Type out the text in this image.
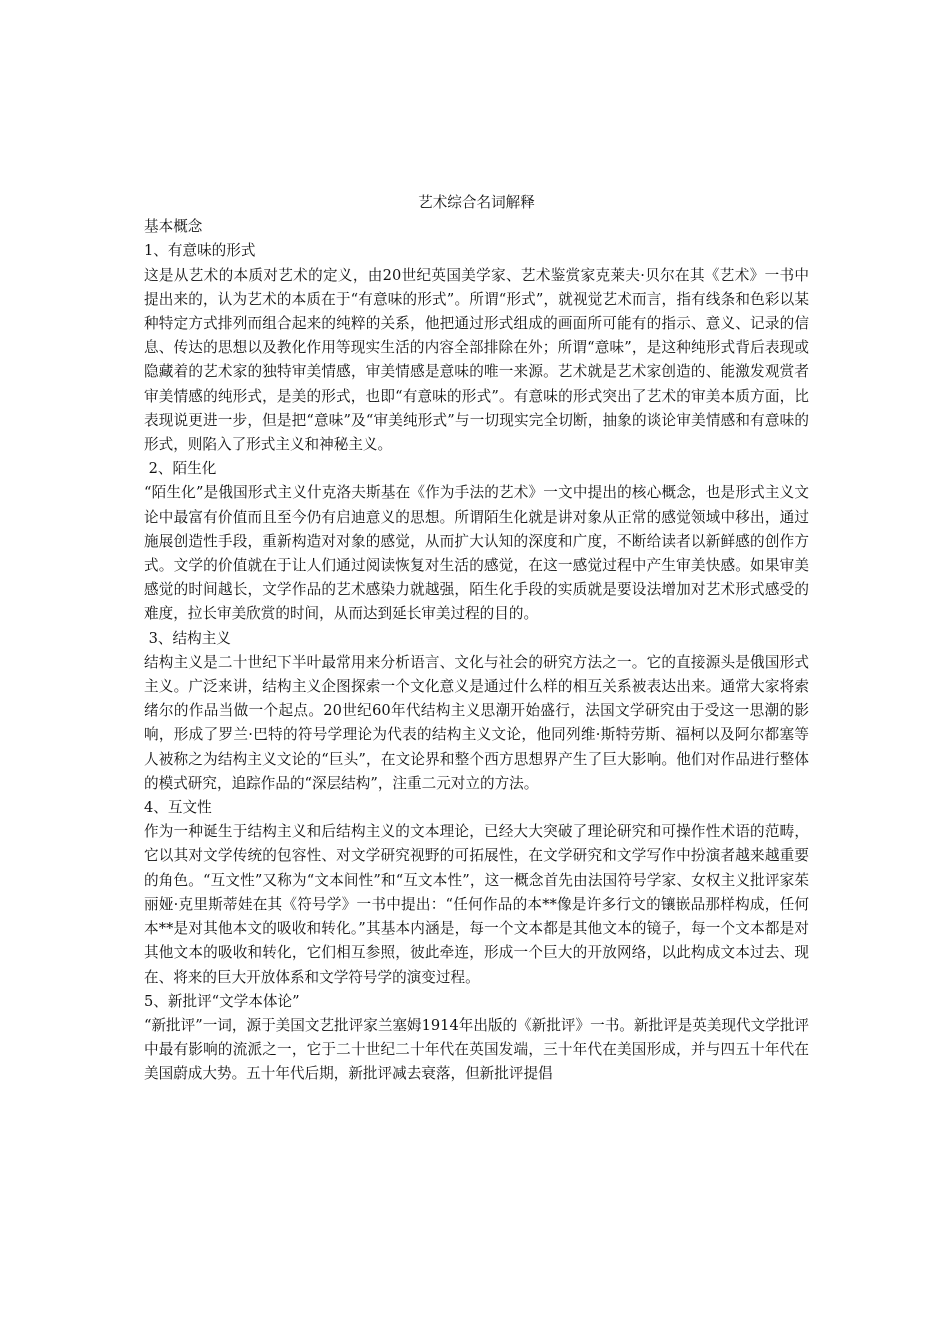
艺术综合名词解释

基本概念

1、有意味的形式

这是从艺术的本质对艺术的定义，由20世纪英国美学家、艺术鉴赏家克莱夫·贝尔在其《艺术》一书中提出来的，认为艺术的本质在于“有意味的形式”。所谓“形式”，就视觉艺术而言，指有线条和色彩以某种特定方式排列而组合起来的纯粹的关系，他把通过形式组成的画面所可能有的指示、意义、记录的信息、传达的思想以及教化作用等现实生活的内容全部排除在外；所谓“意味”，是这种纯形式背后表现或隐藏着的艺术家的独特审美情感，审美情感是意味的唯一来源。艺术就是艺术家创造的、能激发观赏者审美情感的纯形式，是美的形式，也即“有意味的形式”。有意味的形式突出了艺术的审美本质方面，比表现说更进一步，但是把“意味”及“审美纯形式”与一切现实完全切断，抽象的谈论审美情感和有意味的形式，则陷入了形式主义和神秘主义。

2、陌生化

“陌生化”是俄国形式主义什克洛夫斯基在《作为手法的艺术》一文中提出的核心概念，也是形式主义文论中最富有价值而且至今仍有启迪意义的思想。所谓陌生化就是讲对象从正常的感觉领域中移出，通过施展创造性手段，重新构造对对象的感觉，从而扩大认知的深度和广度，不断给读者以新鲜感的创作方式。文学的价值就在于让人们通过阅读恢复对生活的感觉，在这一感觉过程中产生审美快感。如果审美感觉的时间越长，文学作品的艺术感染力就越强，陌生化手段的实质就是要设法增加对艺术形式感受的难度，拉长审美欣赏的时间，从而达到延长审美过程的目的。

3、结构主义

结构主义是二十世纪下半叶最常用来分析语言、文化与社会的研究方法之一。它的直接源头是俄国形式主义。广泛来讲，结构主义企图探索一个文化意义是通过什么样的相互关系被表达出来。通常大家将索绪尔的作品当做一个起点。20世纪60年代结构主义思潮开始盛行，法国文学研究由于受这一思潮的影响，形成了罗兰·巴特的符号学理论为代表的结构主义文论，他同列维·斯特劳斯、福柯以及阿尔都塞等人被称之为结构主义文论的“巨头”，在文论界和整个西方思想界产生了巨大影响。他们对作品进行整体的模式研究，追踪作品的“深层结构”，注重二元对立的方法。

4、互文性

作为一种诞生于结构主义和后结构主义的文本理论，已经大大突破了理论研究和可操作性术语的范畴，它以其对文学传统的包容性、对文学研究视野的可拓展性，在文学研究和文学写作中扮演者越来越重要的角色。“互文性”又称为“文本间性”和“互文本性”，这一概念首先由法国符号学家、女权主义批评家茱丽娅·克里斯蒂娃在其《符号学》一书中提出：“任何作品的本**像是许多行文的镶嵌品那样构成，任何本**是对其他本文的吸收和转化。”其基本内涵是，每一个文本都是其他文本的镜子，每一个文本都是对其他文本的吸收和转化，它们相互参照，彼此牵连，形成一个巨大的开放网络，以此构成文本过去、现在、将来的巨大开放体系和文学符号学的演变过程。

5、新批评“文学本体论”

“新批评”一词，源于美国文艺批评家兰塞姆1914年出版的《新批评》一书。新批评是英美现代文学批评中最有影响的流派之一，它于二十世纪二十年代在英国发端，三十年代在美国形成，并与四五十年代在美国蔚成大势。五十年代后期，新批评减去衰落，但新批评提倡
